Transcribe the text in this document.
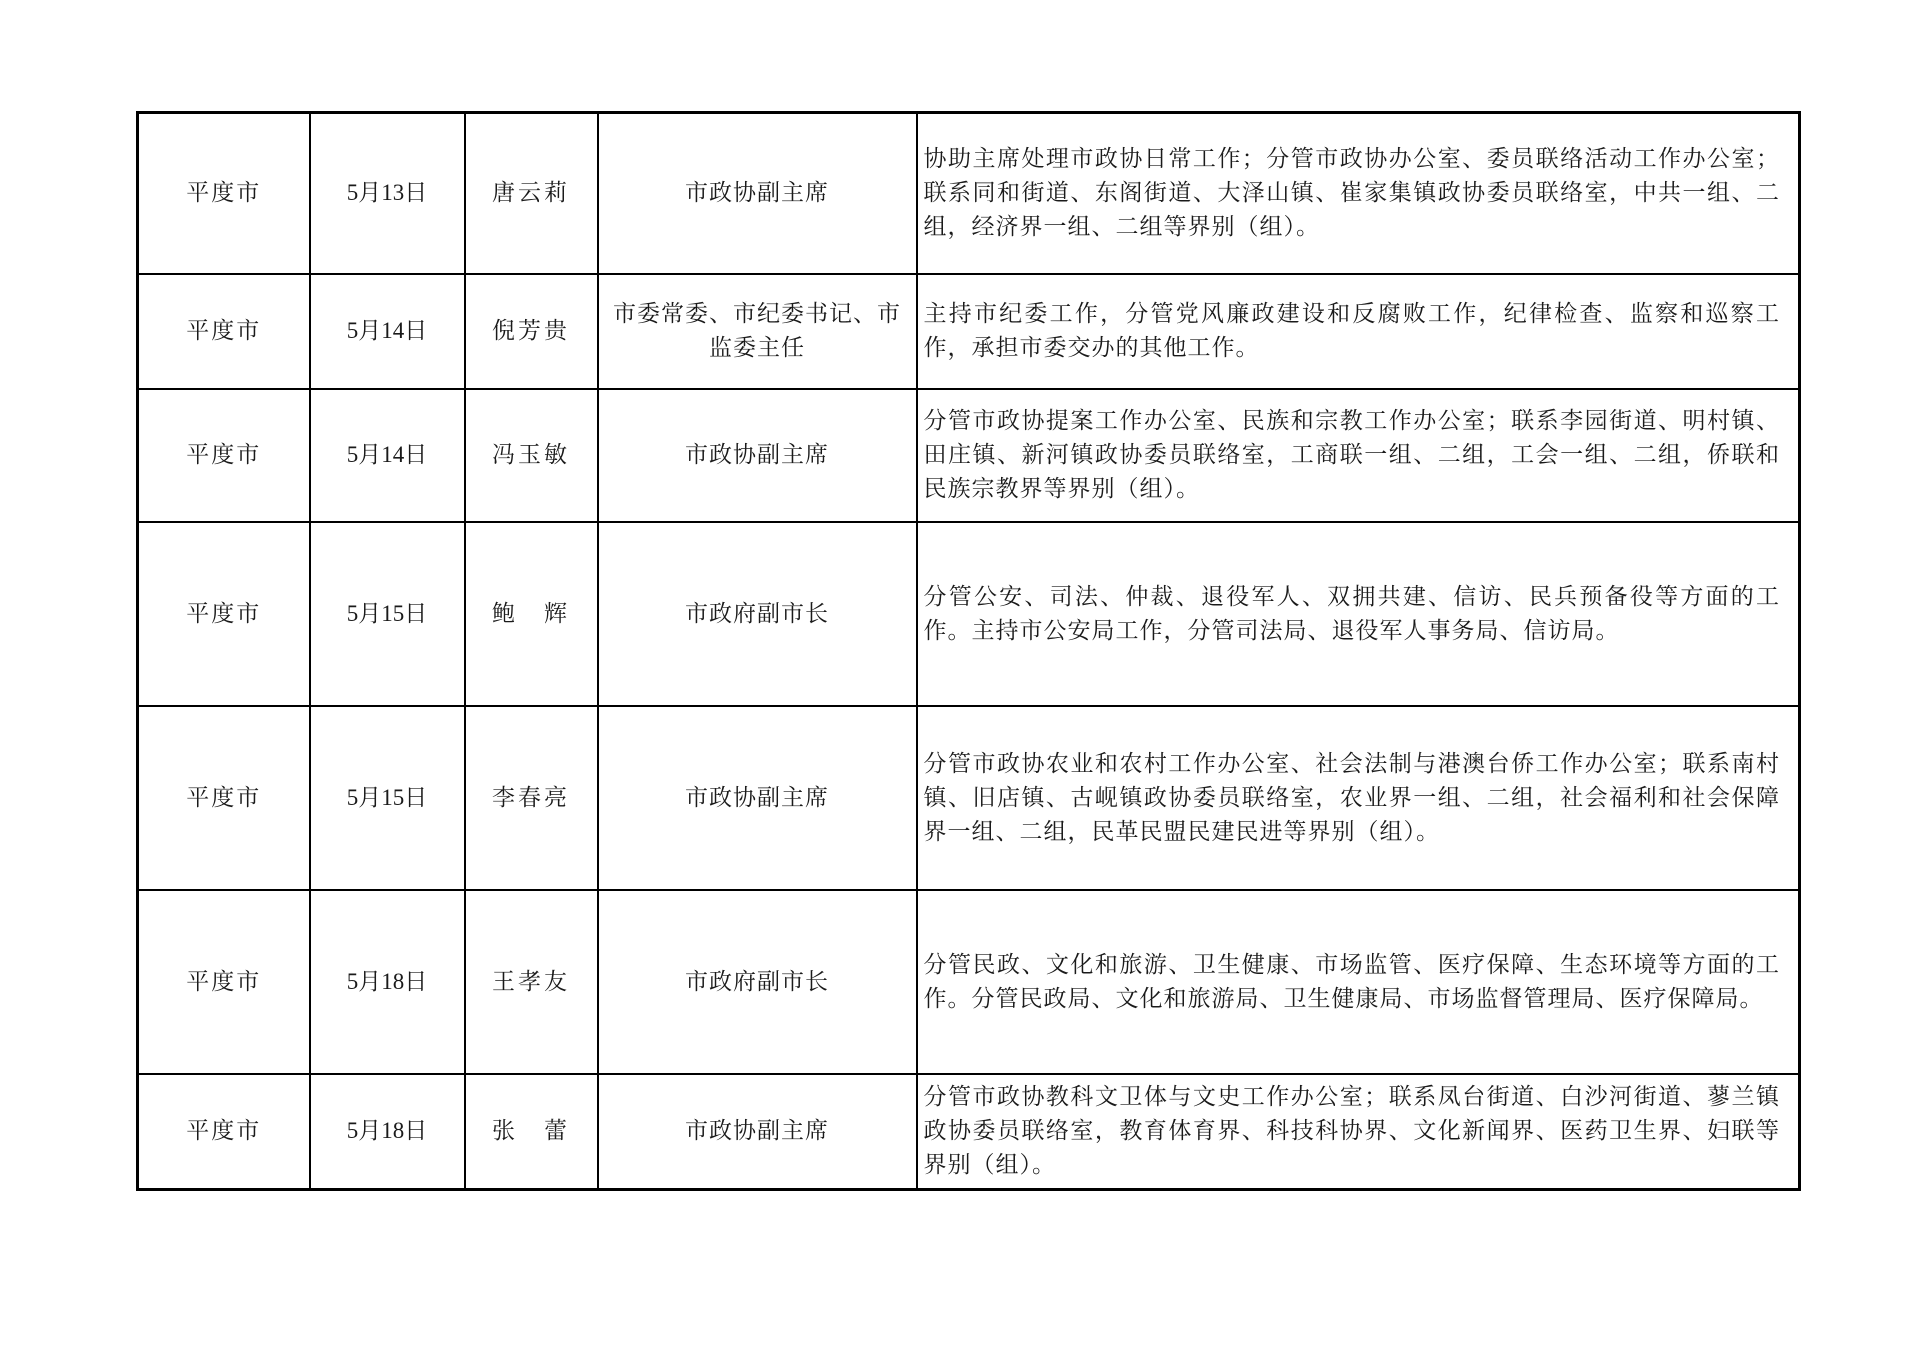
平度市	5月13日	唐云莉	市政协副主席	协助主席处理市政协日常工作；分管市政协办公室、委员联络活动工作办公室；联系同和街道、东阁街道、大泽山镇、崔家集镇政协委员联络室，中共一组、二组，经济界一组、二组等界别（组）。
平度市	5月14日	倪芳贵	市委常委、市纪委书记、市监委主任	主持市纪委工作，分管党风廉政建设和反腐败工作，纪律检查、监察和巡察工作，承担市委交办的其他工作。
平度市	5月14日	冯玉敏	市政协副主席	分管市政协提案工作办公室、民族和宗教工作办公室；联系李园街道、明村镇、田庄镇、新河镇政协委员联络室，工商联一组、二组，工会一组、二组，侨联和民族宗教界等界别（组）。
平度市	5月15日	鲍　辉	市政府副市长	分管公安、司法、仲裁、退役军人、双拥共建、信访、民兵预备役等方面的工作。主持市公安局工作，分管司法局、退役军人事务局、信访局。
平度市	5月15日	李春亮	市政协副主席	分管市政协农业和农村工作办公室、社会法制与港澳台侨工作办公室；联系南村镇、旧店镇、古岘镇政协委员联络室，农业界一组、二组，社会福利和社会保障界一组、二组，民革民盟民建民进等界别（组）。
平度市	5月18日	王孝友	市政府副市长	分管民政、文化和旅游、卫生健康、市场监管、医疗保障、生态环境等方面的工作。分管民政局、文化和旅游局、卫生健康局、市场监督管理局、医疗保障局。
平度市	5月18日	张　蕾	市政协副主席	分管市政协教科文卫体与文史工作办公室；联系凤台街道、白沙河街道、蓼兰镇政协委员联络室，教育体育界、科技科协界、文化新闻界、医药卫生界、妇联等界别（组）。
